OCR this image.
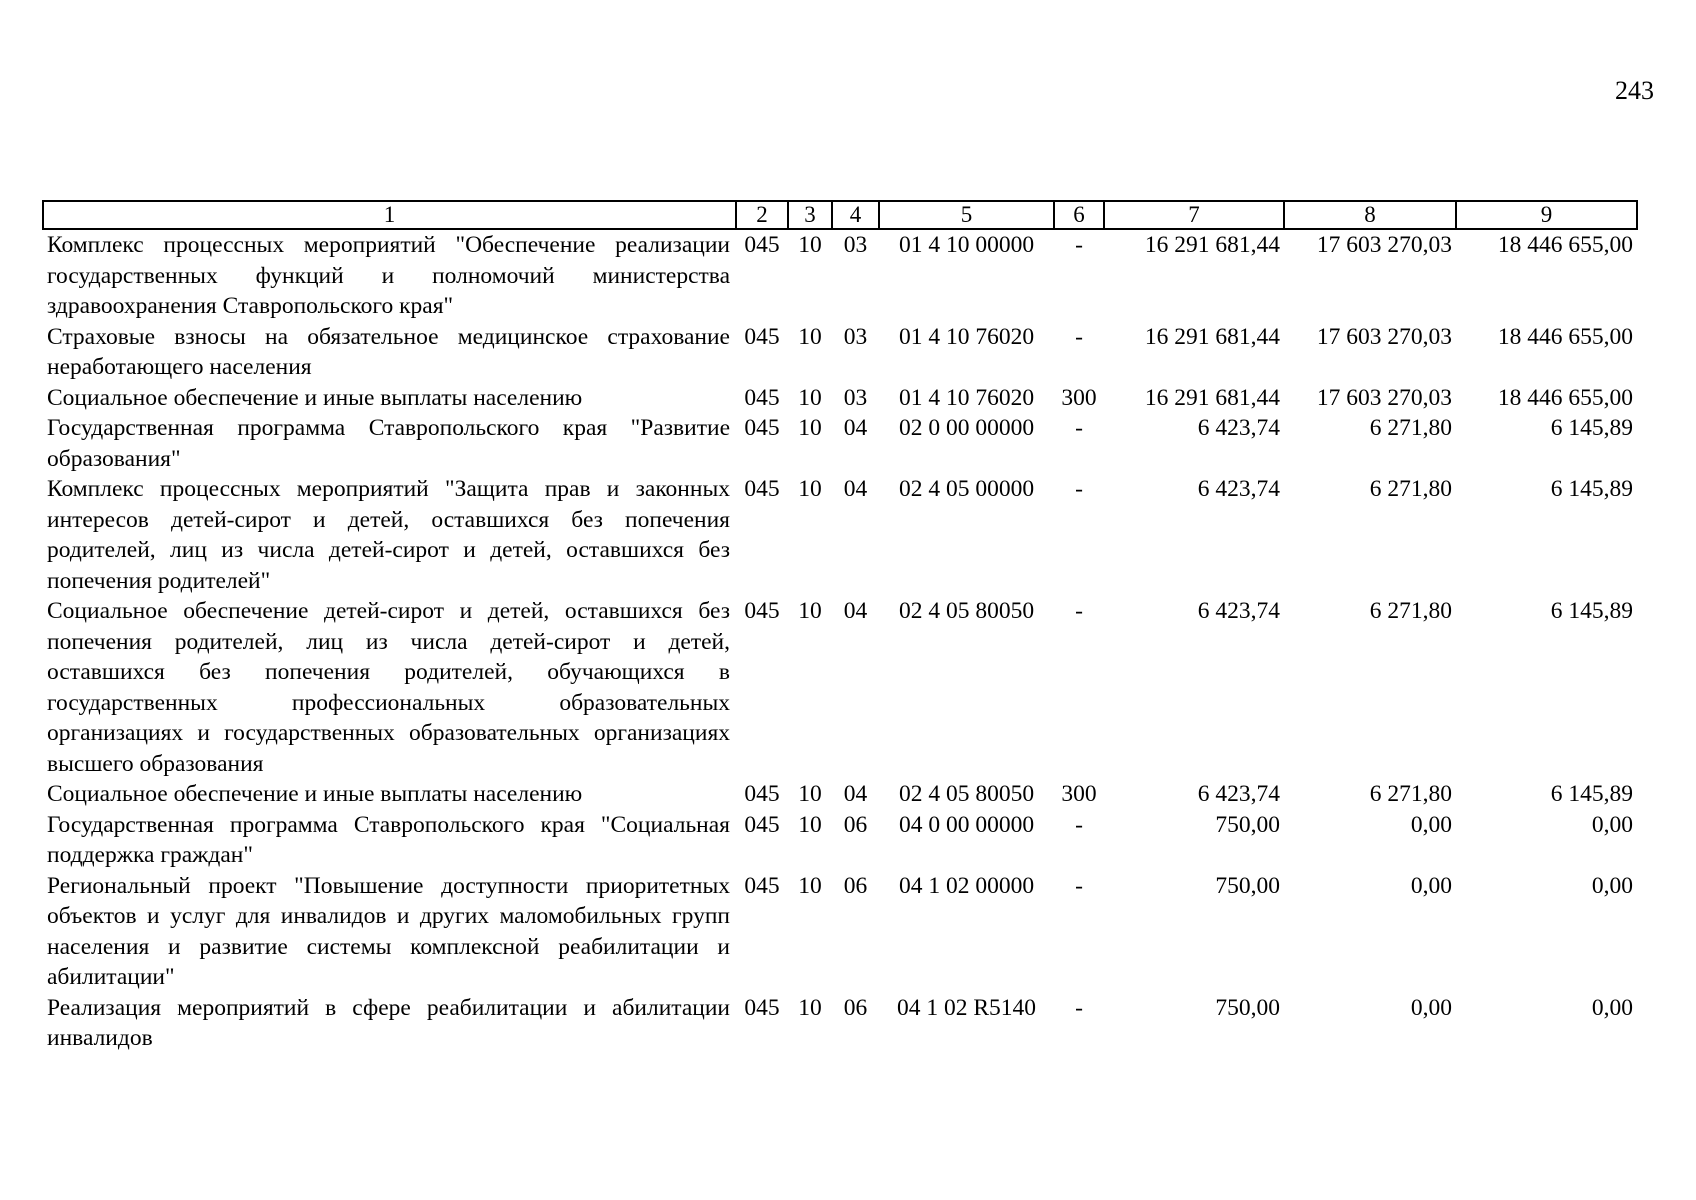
243
1	2	3	4	5	6	7	8	9
Комплекс процессных мероприятий "Обеспечение реализации государственных функций и полномочий министерства здравоохранения Ставропольского края"	045	10	03	01 4 10 00000	-	16 291 681,44	17 603 270,03	18 446 655,00
Страховые взносы на обязательное медицинское страхование неработающего населения	045	10	03	01 4 10 76020	-	16 291 681,44	17 603 270,03	18 446 655,00
Социальное обеспечение и иные выплаты населению	045	10	03	01 4 10 76020	300	16 291 681,44	17 603 270,03	18 446 655,00
Государственная программа Ставропольского края "Развитие образования"	045	10	04	02 0 00 00000	-	6 423,74	6 271,80	6 145,89
Комплекс процессных мероприятий "Защита прав и законных интересов детей-сирот и детей, оставшихся без попечения родителей, лиц из числа детей-сирот и детей, оставшихся без попечения родителей"	045	10	04	02 4 05 00000	-	6 423,74	6 271,80	6 145,89
Социальное обеспечение детей-сирот и детей, оставшихся без попечения родителей, лиц из числа детей-сирот и детей, оставшихся без попечения родителей, обучающихся в государственных профессиональных образовательных организациях и государственных образовательных организациях высшего образования	045	10	04	02 4 05 80050	-	6 423,74	6 271,80	6 145,89
Социальное обеспечение и иные выплаты населению	045	10	04	02 4 05 80050	300	6 423,74	6 271,80	6 145,89
Государственная программа Ставропольского края "Социальная поддержка граждан"	045	10	06	04 0 00 00000	-	750,00	0,00	0,00
Региональный проект "Повышение доступности приоритетных объектов и услуг для инвалидов и других маломобильных групп населения и развитие системы комплексной реабилитации и абилитации"	045	10	06	04 1 02 00000	-	750,00	0,00	0,00
Реализация мероприятий в сфере реабилитации и абилитации инвалидов	045	10	06	04 1 02 R5140	-	750,00	0,00	0,00
